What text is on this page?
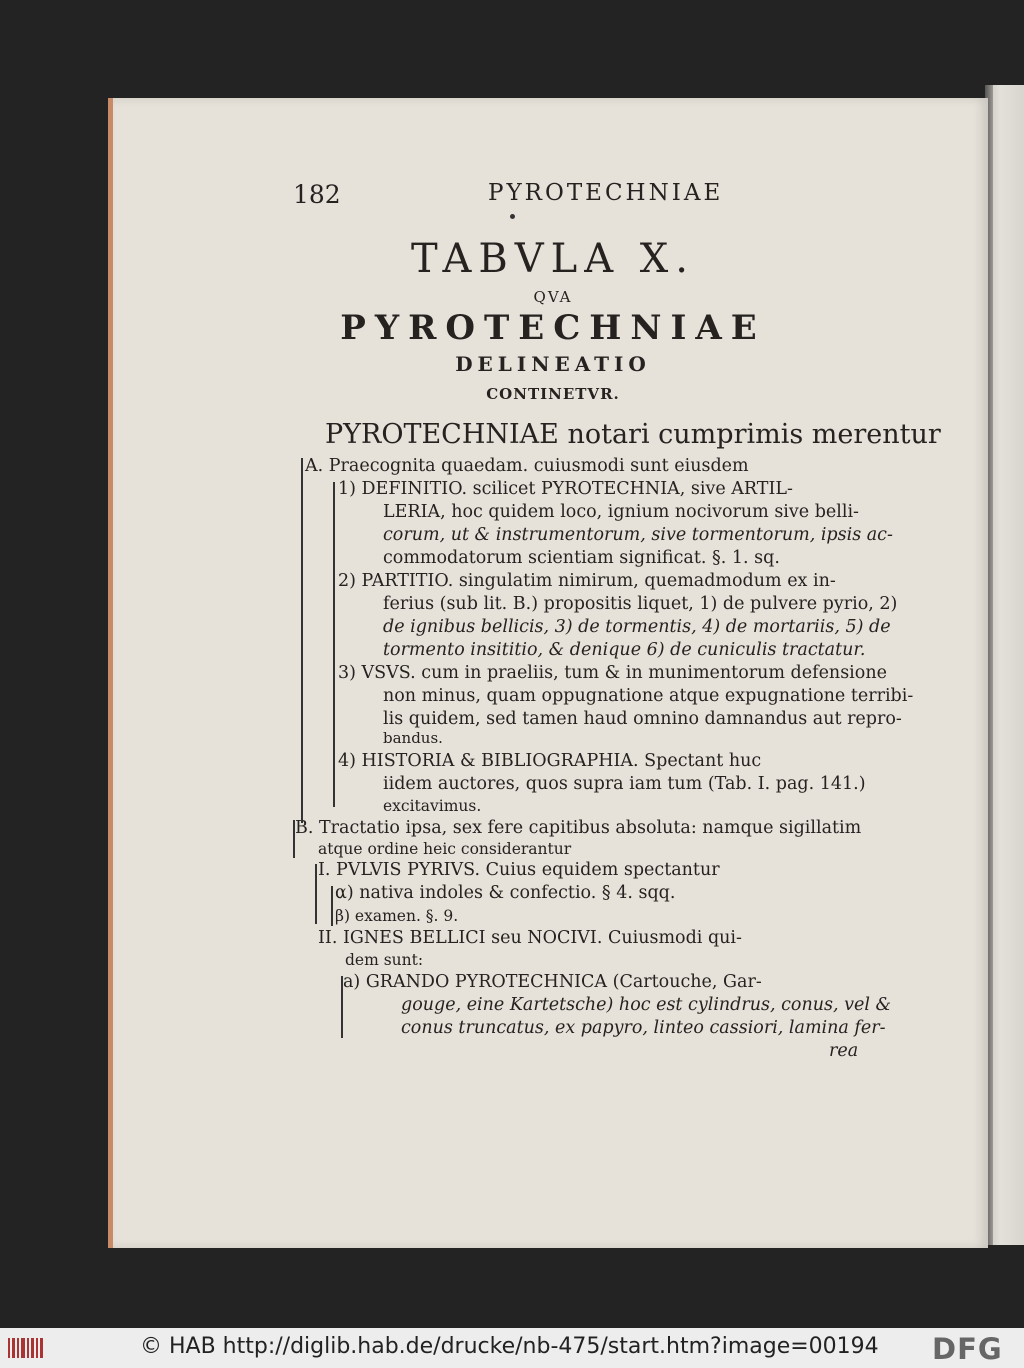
182	PYROTECHNIAE
TABVLA X.
QVA
PYROTECHNIAE
DELINEATIO
CONTINETVR.
PYROTECHNIAE notari cumprimis merentur
A. Praecognita quaedam. cuiusmodi sunt eiusdem
1) DEFINITIO. scilicet PYROTECHNIA, sive ARTIL-
LERIA, hoc quidem loco, ignium nocivorum sive belli-
corum, ut & instrumentorum, sive tormentorum, ipsis ac-
commodatorum scientiam significat. §. 1. sq.
2) PARTITIO. singulatim nimirum, quemadmodum ex in-
ferius (sub lit. B.) propositis liquet, 1) de pulvere pyrio, 2)
de ignibus bellicis, 3) de tormentis, 4) de mortariis, 5) de
tormento insititio, & denique 6) de cuniculis tractatur.
3) VSVS. cum in praeliis, tum & in munimentorum defensione
non minus, quam oppugnatione atque expugnatione terribi-
lis quidem, sed tamen haud omnino damnandus aut repro-
bandus.
4) HISTORIA & BIBLIOGRAPHIA. Spectant huc
iidem auctores, quos supra iam tum (Tab. I. pag. 141.)
excitavimus.
B. Tractatio ipsa, sex fere capitibus absoluta: namque sigillatim
atque ordine heic considerantur
I. PVLVIS PYRIVS. Cuius equidem spectantur
α) nativa indoles & confectio. § 4. sqq.
β) examen. §. 9.
II. IGNES BELLICI seu NOCIVI. Cuiusmodi qui-
dem sunt:
a) GRANDO PYROTECHNICA (Cartouche, Gar-
gouge, eine Kartetsche) hoc est cylindrus, conus, vel &
conus truncatus, ex papyro, linteo cassiori, lamina fer-
rea
© HAB http://diglib.hab.de/drucke/nb-475/start.htm?image=00194 DFG
